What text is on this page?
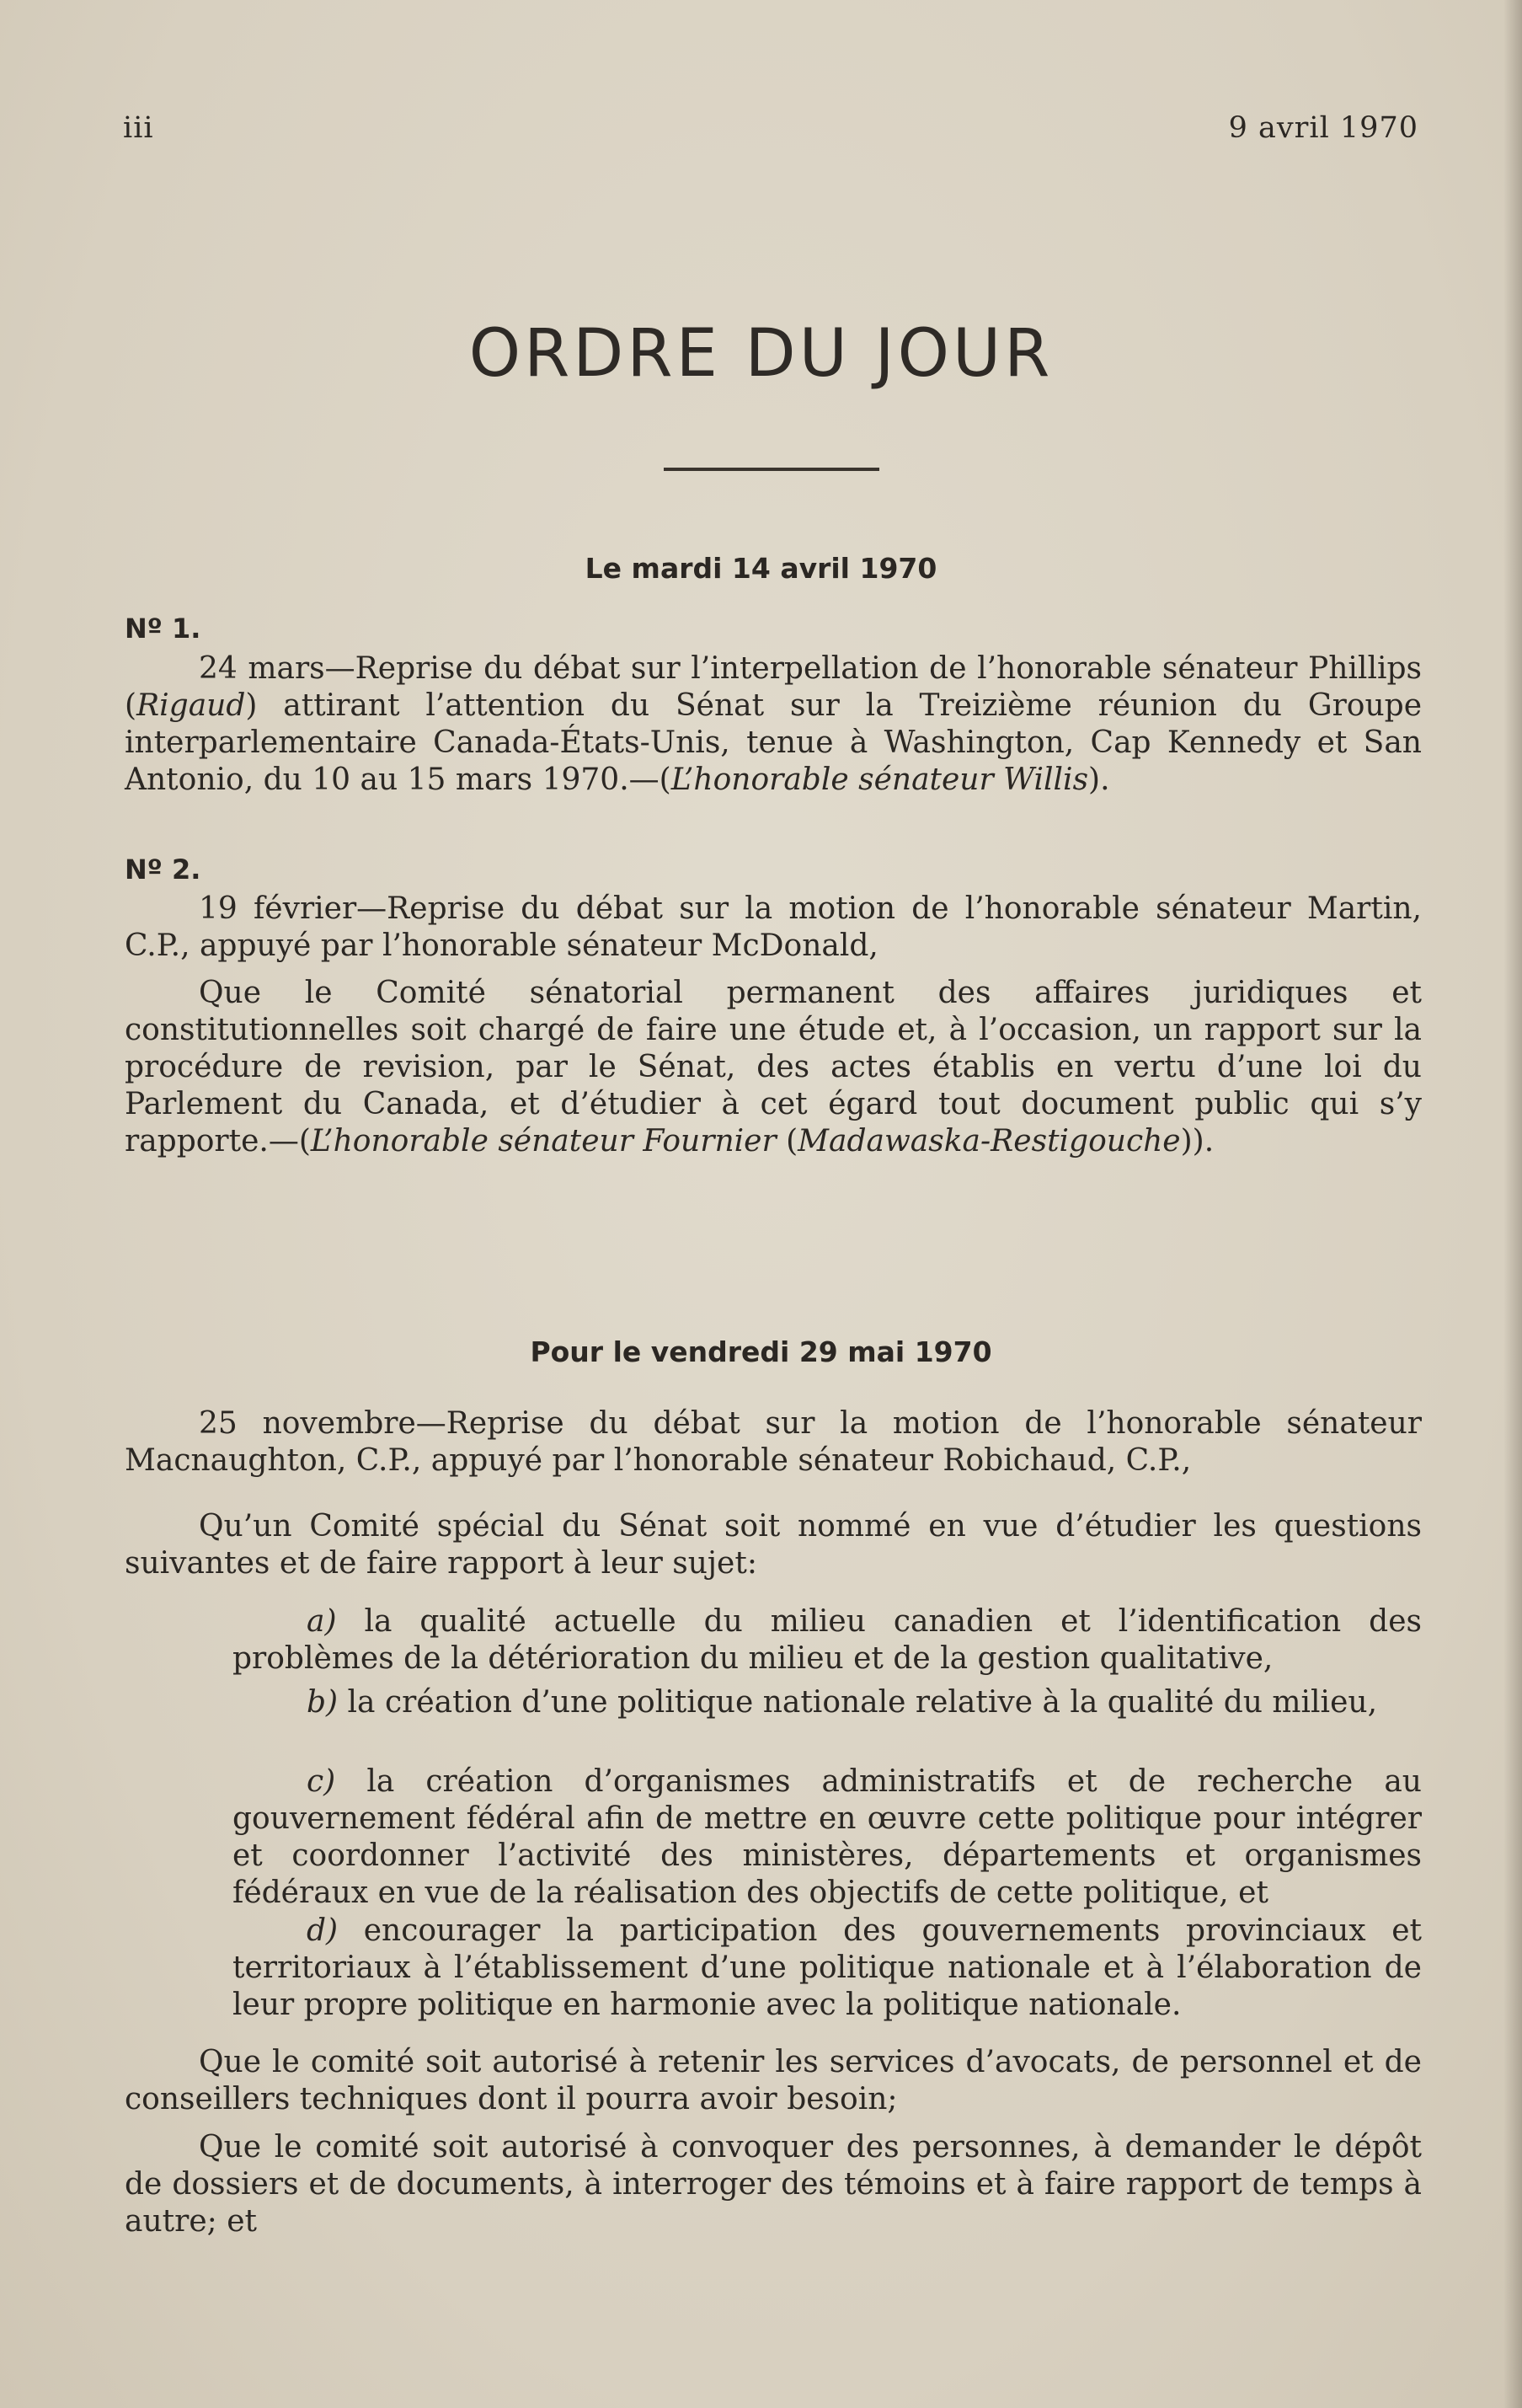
iii	9 avril 1970
ORDRE DU JOUR
Le mardi 14 avril 1970
Nº 1.
24 mars—Reprise du débat sur l’interpellation de l’honorable sénateur Phillips (Rigaud) attirant l’attention du Sénat sur la Treizième réunion du Groupe interparlementaire Canada-États-Unis, tenue à Washington, Cap Kennedy et San Antonio, du 10 au 15 mars 1970.—(L’honorable sénateur Willis).
Nº 2.
19 février—Reprise du débat sur la motion de l’honorable sénateur Martin, C.P., appuyé par l’honorable sénateur McDonald,
Que le Comité sénatorial permanent des affaires juridiques et constitutionnelles soit chargé de faire une étude et, à l’occasion, un rapport sur la procédure de revision, par le Sénat, des actes établis en vertu d’une loi du Parlement du Canada, et d’étudier à cet égard tout document public qui s’y rapporte.—(L’honorable sénateur Fournier (Madawaska-Restigouche)).
Pour le vendredi 29 mai 1970
25 novembre—Reprise du débat sur la motion de l’honorable sénateur Macnaughton, C.P., appuyé par l’honorable sénateur Robichaud, C.P.,
Qu’un Comité spécial du Sénat soit nommé en vue d’étudier les questions suivantes et de faire rapport à leur sujet:
a) la qualité actuelle du milieu canadien et l’identification des problèmes de la détérioration du milieu et de la gestion qualitative,
b) la création d’une politique nationale relative à la qualité du milieu,
c) la création d’organismes administratifs et de recherche au gouvernement fédéral afin de mettre en œuvre cette politique pour intégrer et coordonner l’activité des ministères, départements et organismes fédéraux en vue de la réalisation des objectifs de cette politique, et
d) encourager la participation des gouvernements provinciaux et territoriaux à l’établissement d’une politique nationale et à l’élaboration de leur propre politique en harmonie avec la politique nationale.
Que le comité soit autorisé à retenir les services d’avocats, de personnel et de conseillers techniques dont il pourra avoir besoin;
Que le comité soit autorisé à convoquer des personnes, à demander le dépôt de dossiers et de documents, à interroger des témoins et à faire rapport de temps à autre; et
